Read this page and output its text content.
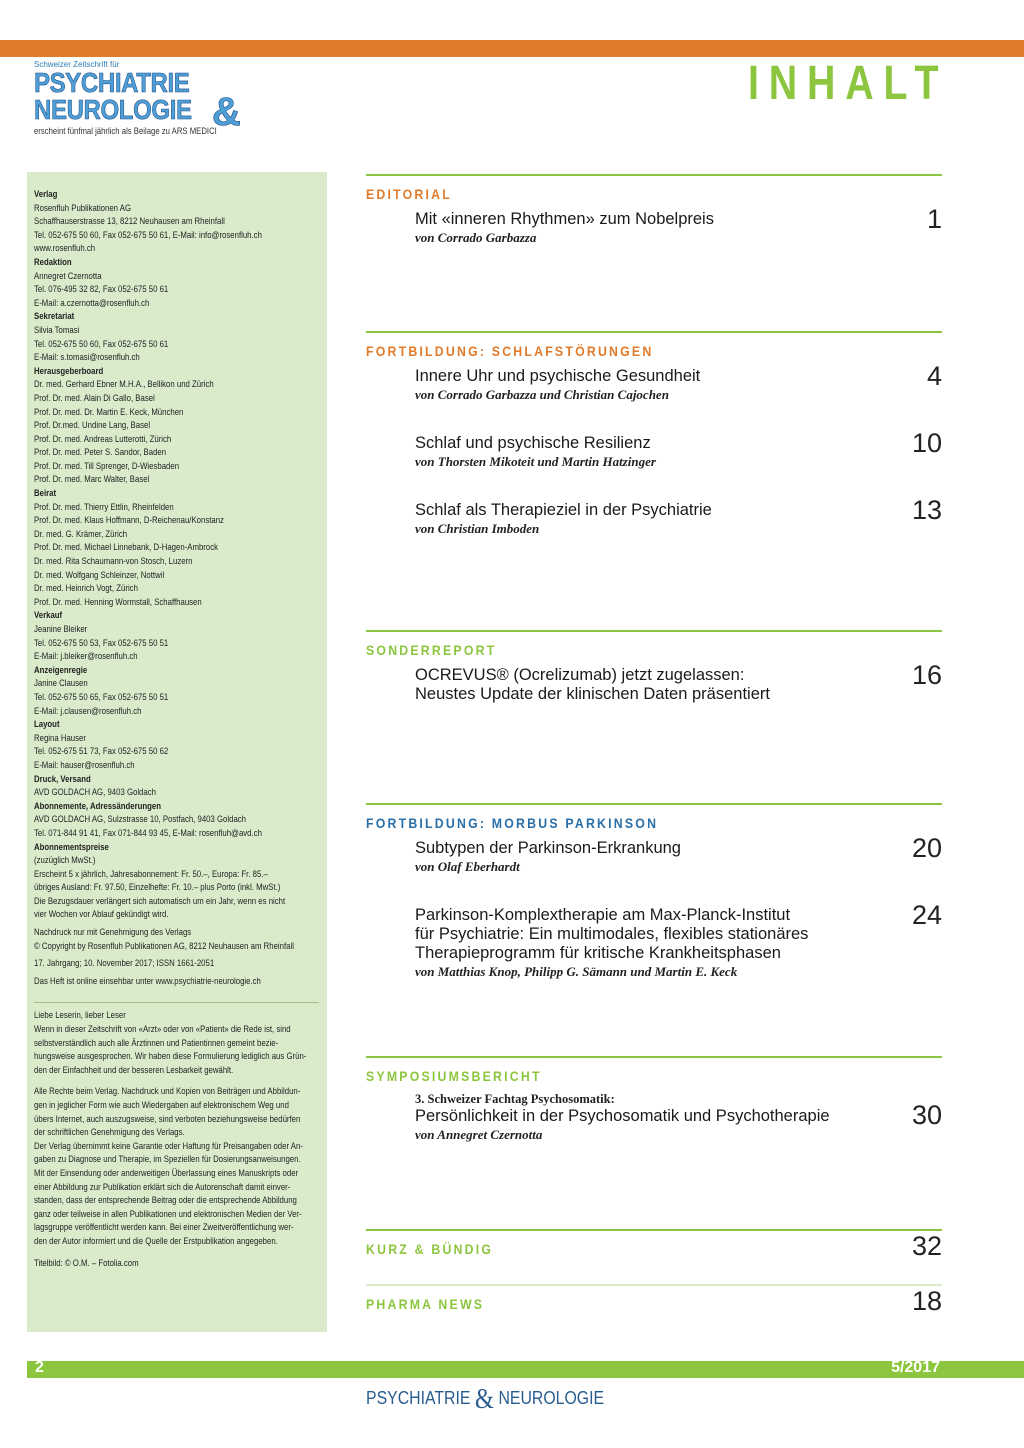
Schweizer Zeitschrift für
PSYCHIATRIE
NEUROLOGIE &
erscheint fünfmal jährlich als Beilage zu ARS MEDICI
INHALT
Verlag
Rosenfluh Publikationen AG
Schaffhauserstrasse 13, 8212 Neuhausen am Rheinfall
Tel. 052-675 50 60, Fax 052-675 50 61, E-Mail: info@rosenfluh.ch
www.rosenfluh.ch
Redaktion
Annegret Czernotta
Tel. 076-495 32 82, Fax 052-675 50 61
E-Mail: a.czernotta@rosenfluh.ch
Sekretariat
Silvia Tomasi
Tel. 052-675 50 60, Fax 052-675 50 61
E-Mail: s.tomasi@rosenfluh.ch
Herausgeberboard
Dr. med. Gerhard Ebner M.H.A., Bellikon und Zürich
Prof. Dr. med. Alain Di Gallo, Basel
Prof. Dr. med. Dr. Martin E. Keck, München
Prof. Dr.med. Undine Lang, Basel
Prof. Dr. med. Andreas Lutterotti, Zürich
Prof. Dr. med. Peter S. Sandor, Baden
Prof. Dr. med. Till Sprenger, D-Wiesbaden
Prof. Dr. med. Marc Walter, Basel
Beirat
Prof. Dr. med. Thierry Ettlin, Rheinfelden
Prof. Dr. med. Klaus Hoffmann, D-Reichenau/Konstanz
Dr. med. G. Krämer, Zürich
Prof. Dr. med. Michael Linnebank, D-Hagen-Ambrock
Dr. med. Rita Schaumann-von Stosch, Luzern
Dr. med. Wolfgang Schleinzer, Nottwil
Dr. med. Heinrich Vogt, Zürich
Prof. Dr. med. Henning Wormstall, Schaffhausen
Verkauf
Jeanine Bleiker
Tel. 052-675 50 53, Fax 052-675 50 51
E-Mail: j.bleiker@rosenfluh.ch
Anzeigenregie
Janine Clausen
Tel. 052-675 50 65, Fax 052-675 50 51
E-Mail: j.clausen@rosenfluh.ch
Layout
Regina Hauser
Tel. 052-675 51 73, Fax 052-675 50 62
E-Mail: hauser@rosenfluh.ch
Druck, Versand
AVD GOLDACH AG, 9403 Goldach
Abonnemente, Adressänderungen
AVD GOLDACH AG, Sulzstrasse 10, Postfach, 9403 Goldach
Tel. 071-844 91 41, Fax 071-844 93 45, E-Mail: rosenfluh@avd.ch
Abonnementspreise
(zuzüglich MwSt.)
Erscheint 5 x jährlich, Jahresabonnement: Fr. 50.–, Europa: Fr. 85.–
übriges Ausland: Fr. 97.50, Einzelhefte: Fr. 10.– plus Porto (inkl. MwSt.)
Die Bezugsdauer verlängert sich automatisch um ein Jahr, wenn es nicht
vier Wochen vor Ablauf gekündigt wird.
Nachdruck nur mit Genehmigung des Verlags
© Copyright by Rosenfluh Publikationen AG, 8212 Neuhausen am Rheinfall
17. Jahrgang; 10. November 2017; ISSN 1661-2051
Das Heft ist online einsehbar unter www.psychiatrie-neurologie.ch
Liebe Leserin, lieber Leser
Wenn in dieser Zeitschrift von «Arzt» oder von «Patient» die Rede ist, sind
selbstverständlich auch alle Ärztinnen und Patientinnen gemeint bezie-
hungsweise ausgesprochen. Wir haben diese Formulierung lediglich aus Grün-
den der Einfachheit und der besseren Lesbarkeit gewählt.
Alle Rechte beim Verlag. Nachdruck und Kopien von Beiträgen und Abbildun-
gen in jeglicher Form wie auch Wiedergaben auf elektronischem Weg und
übers Internet, auch auszugsweise, sind verboten beziehungsweise bedürfen
der schriftlichen Genehmigung des Verlags.
Der Verlag übernimmt keine Garantie oder Haftung für Preisangaben oder An-
gaben zu Diagnose und Therapie, im Speziellen für Dosierungsanweisungen.
Mit der Einsendung oder anderweitigen Überlassung eines Manuskripts oder
einer Abbildung zur Publikation erklärt sich die Autorenschaft damit einver-
standen, dass der entsprechende Beitrag oder die entsprechende Abbildung
ganz oder teilweise in allen Publikationen und elektronischen Medien der Ver-
lagsgruppe veröffentlicht werden kann. Bei einer Zweitveröffentlichung wer-
den der Autor informiert und die Quelle der Erstpublikation angegeben.
Titelbild: © O.M. – Fotolia.com
EDITORIAL
Mit «inneren Rhythmen» zum Nobelpreis
von Corrado Garbazza
1
FORTBILDUNG: SCHLAFSTÖRUNGEN
Innere Uhr und psychische Gesundheit
von Corrado Garbazza und Christian Cajochen
4
Schlaf und psychische Resilienz
von Thorsten Mikoteit und Martin Hatzinger
10
Schlaf als Therapieziel in der Psychiatrie
von Christian Imboden
13
SONDERREPORT
OCREVUS® (Ocrelizumab) jetzt zugelassen:
Neustes Update der klinischen Daten präsentiert
16
FORTBILDUNG: MORBUS PARKINSON
Subtypen der Parkinson-Erkrankung
von Olaf Eberhardt
20
Parkinson-Komplextherapie am Max-Planck-Institut
für Psychiatrie: Ein multimodales, flexibles stationäres
Therapieprogramm für kritische Krankheitsphasen
von Matthias Knop, Philipp G. Sämann und Martin E. Keck
24
SYMPOSIUMSBERICHT
3. Schweizer Fachtag Psychosomatik:
Persönlichkeit in der Psychosomatik und Psychotherapie
von Annegret Czernotta
30
KURZ & BÜNDIG	32
PHARMA NEWS	18
2	5/2017
PSYCHIATRIE & NEUROLOGIE
